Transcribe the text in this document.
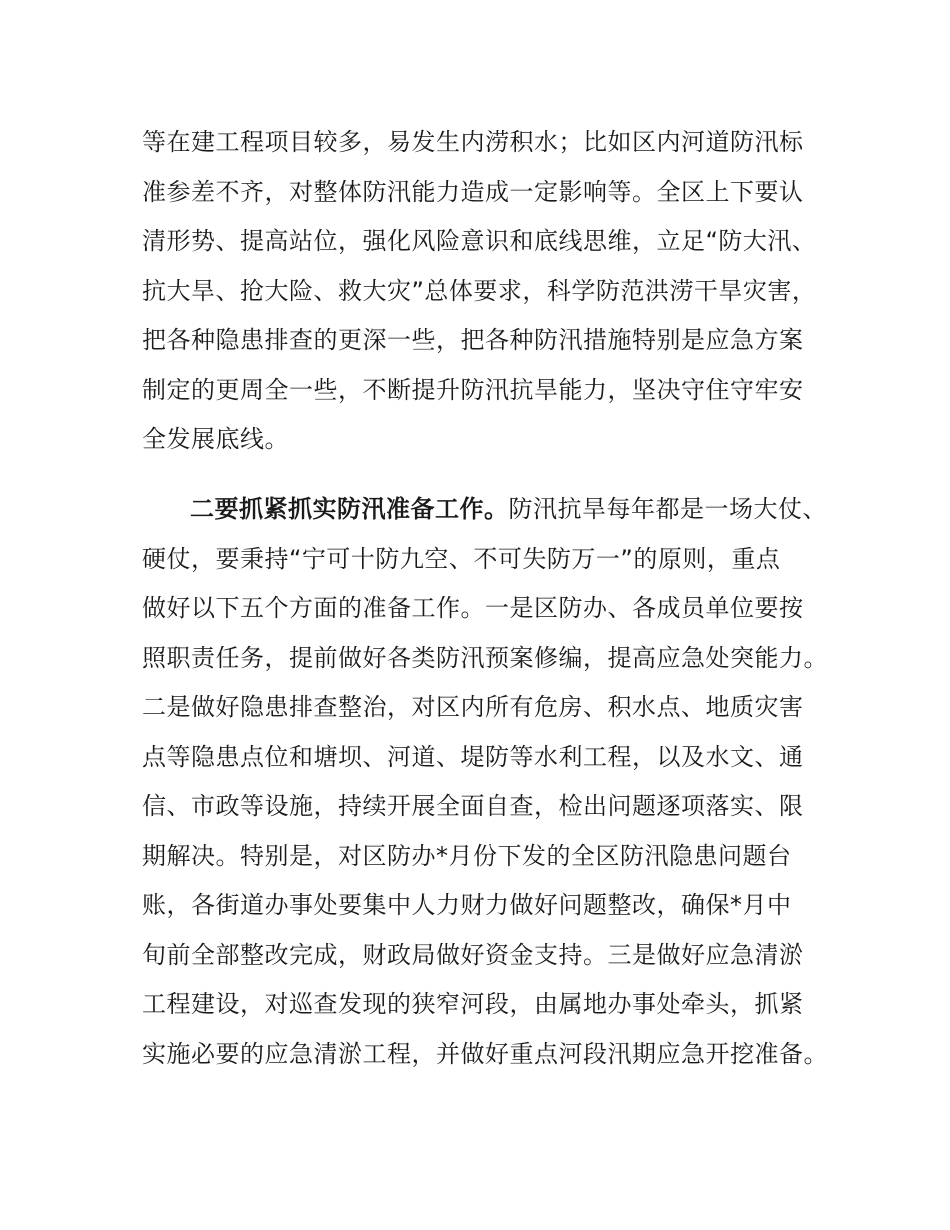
等在建工程项目较多，易发生内涝积水；比如区内河道防汛标
准参差不齐，对整体防汛能力造成一定影响等。全区上下要认
清形势、提高站位，强化风险意识和底线思维，立足“防大汛、
抗大旱、抢大险、救大灾”总体要求，科学防范洪涝干旱灾害，
把各种隐患排查的更深一些，把各种防汛措施特别是应急方案
制定的更周全一些，不断提升防汛抗旱能力，坚决守住守牢安
全发展底线。
二要抓紧抓实防汛准备工作。防汛抗旱每年都是一场大仗、
硬仗，要秉持“宁可十防九空、不可失防万一”的原则，重点
做好以下五个方面的准备工作。一是区防办、各成员单位要按
照职责任务，提前做好各类防汛预案修编，提高应急处突能力。
二是做好隐患排查整治，对区内所有危房、积水点、地质灾害
点等隐患点位和塘坝、河道、堤防等水利工程，以及水文、通
信、市政等设施，持续开展全面自查，检出问题逐项落实、限
期解决。特别是，对区防办*月份下发的全区防汛隐患问题台
账，各街道办事处要集中人力财力做好问题整改，确保*月中
旬前全部整改完成，财政局做好资金支持。三是做好应急清淤
工程建设，对巡查发现的狭窄河段，由属地办事处牵头，抓紧
实施必要的应急清淤工程，并做好重点河段汛期应急开挖准备。
